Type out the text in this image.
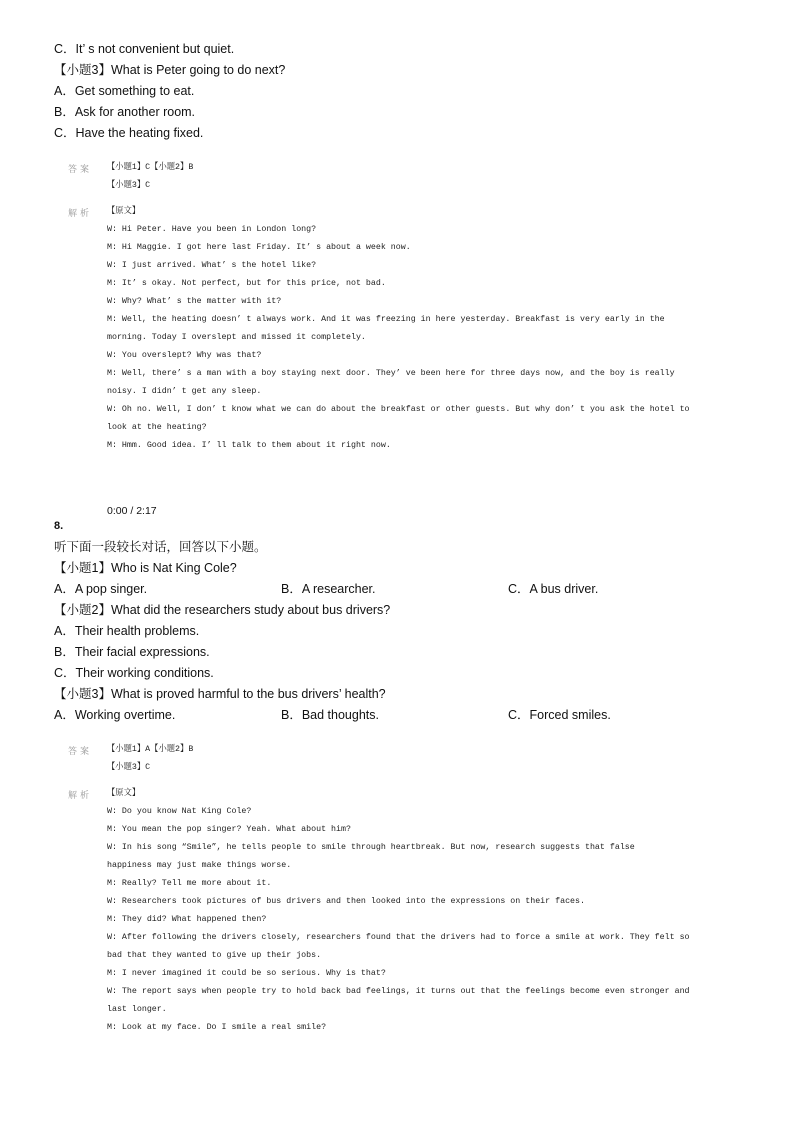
C．It’ s not convenient but quiet.
【小题3】What is Peter going to do next?
A．Get something to eat.
B．Ask for another room.
C．Have the heating fixed.
答案 【小题1】C【小题2】B
【小题3】C
解析 【原文】
W: Hi Peter. Have you been in London long?
M: Hi Maggie. I got here last Friday. It’ s about a week now.
W: I just arrived. What’ s the hotel like?
M: It’ s okay. Not perfect, but for this price, not bad.
W: Why? What’ s the matter with it?
M: Well, the heating doesn’ t always work. And it was freezing in here yesterday. Breakfast is very early in the
morning. Today I overslept and missed it completely.
W: You overslept? Why was that?
M: Well, there’ s a man with a boy staying next door. They’ ve been here for three days now, and the boy is really
noisy. I didn’ t get any sleep.
W: Oh no. Well, I don’ t know what we can do about the breakfast or other guests. But why don’ t you ask the hotel to
look at the heating?
M: Hmm. Good idea. I’ ll talk to them about it right now.
0:00 / 2:17
8.
听下面一段较长对话，回答以下小题。
【小题1】Who is Nat King Cole?
A．A pop singer.	B．A researcher.	C．A bus driver.
【小题2】What did the researchers study about bus drivers?
A．Their health problems.
B．Their facial expressions.
C．Their working conditions.
【小题3】What is proved harmful to the bus drivers’ health?
A．Working overtime.	B．Bad thoughts.	C．Forced smiles.
答案 【小题1】A【小题2】B
【小题3】C
解析 【原文】
W: Do you know Nat King Cole?
M: You mean the pop singer? Yeah. What about him?
W: In his song “Smile”, he tells people to smile through heartbreak. But now, research suggests that false
happiness may just make things worse.
M: Really? Tell me more about it.
W: Researchers took pictures of bus drivers and then looked into the expressions on their faces.
M: They did? What happened then?
W: After following the drivers closely, researchers found that the drivers had to force a smile at work. They felt so
bad that they wanted to give up their jobs.
M: I never imagined it could be so serious. Why is that?
W: The report says when people try to hold back bad feelings, it turns out that the feelings become even stronger and
last longer.
M: Look at my face. Do I smile a real smile?
